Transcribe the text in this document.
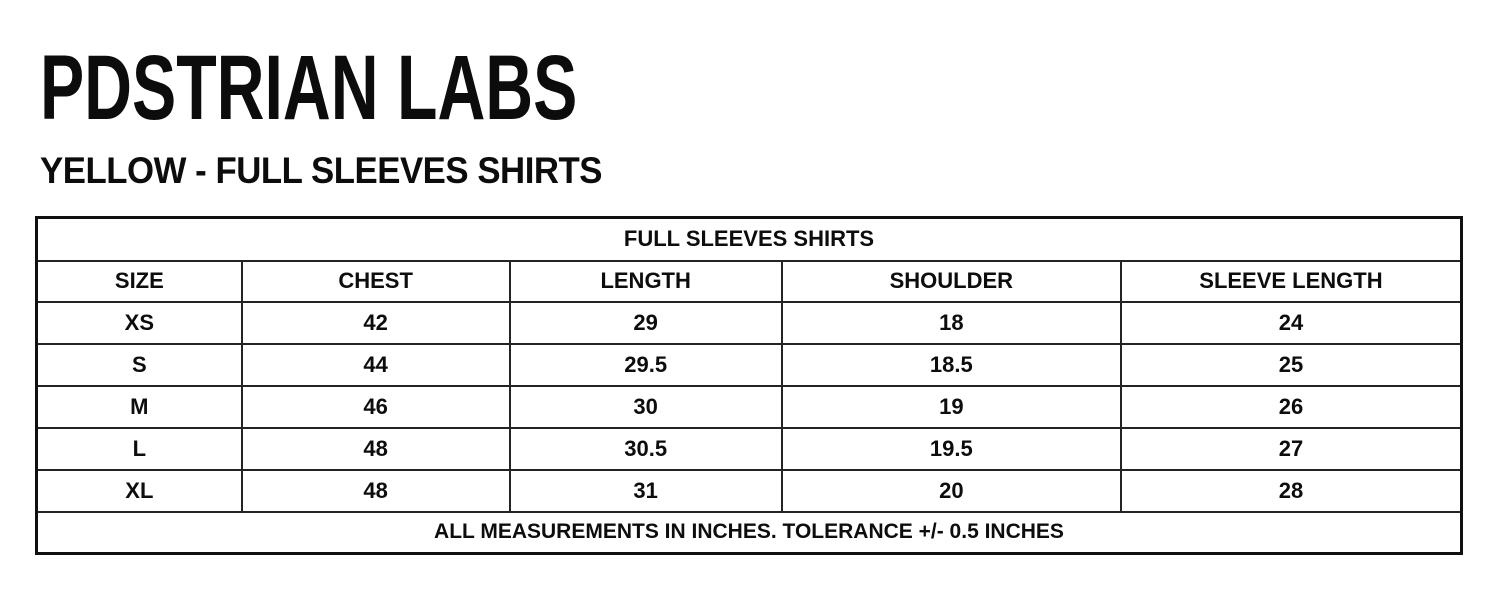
PDSTRIAN LABS
YELLOW - FULL SLEEVES SHIRTS
FULL SLEEVES SHIRTS				
SIZE	CHEST	LENGTH	SHOULDER	SLEEVE LENGTH
XS	42	29	18	24
S	44	29.5	18.5	25
M	46	30	19	26
L	48	30.5	19.5	27
XL	48	31	20	28
ALL MEASUREMENTS IN INCHES. TOLERANCE +/- 0.5 INCHES				
